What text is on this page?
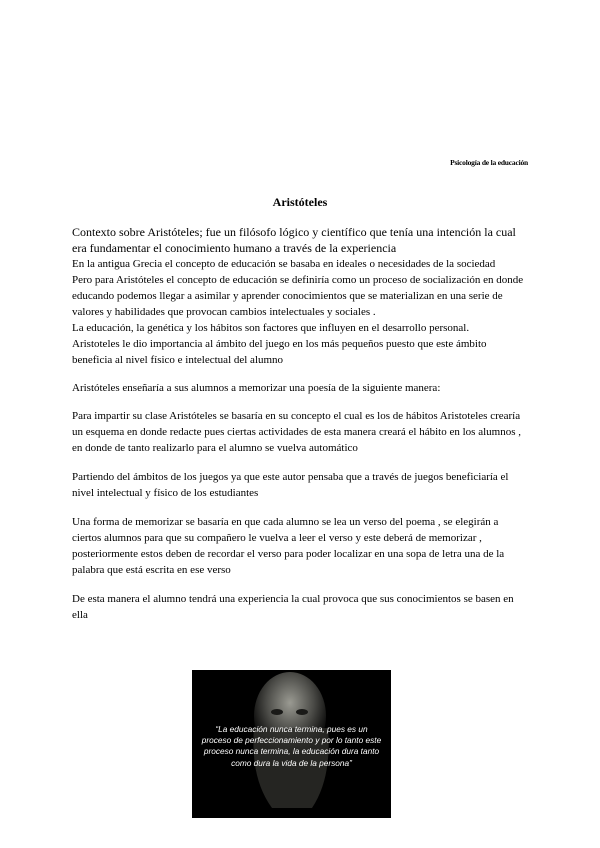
Psicología de la educación
Aristóteles

Contexto sobre Aristóteles; fue un filósofo lógico y científico que tenía una intención la cual

era fundamentar el conocimiento humano a través de la experiencia

En la antigua Grecia el concepto de educación se basaba en ideales o necesidades de la sociedad

Pero para Aristóteles el concepto de educación se definiría como un proceso de socialización en donde educando podemos llegar a asimilar y aprender conocimientos que se materializan en una serie de valores y habilidades que provocan cambios intelectuales y sociales .

La educación, la genética y los hábitos son factores que influyen en el desarrollo personal.

Aristoteles le dio importancia al ámbito del juego en los más pequeños puesto que este ámbito beneficia al nivel físico e intelectual del alumno

Aristóteles enseñaría a sus alumnos a memorizar una poesía de la siguiente manera:

Para impartir su clase Aristóteles se basaría en su concepto el cual es los de hábitos Aristoteles crearía un esquema en donde redacte pues ciertas actividades de esta manera creará el hábito en los alumnos , en donde de tanto realizarlo para el alumno se vuelva automático

Partiendo del ámbitos de los juegos ya que este autor pensaba que a través de juegos beneficiaría el nivel intelectual y físico de los estudiantes

Una forma de memorizar se basaría en que cada alumno se lea un verso del poema , se elegirán a ciertos alumnos para que su compañero le vuelva a leer el verso y este deberá de memorizar , posteriormente estos deben de recordar el verso para poder localizar en una sopa de letra una de la palabra que está escrita en ese verso

De esta manera el alumno tendrá una experiencia la cual provoca que sus conocimientos se basen en ella

“La educación nunca termina, pues es un proceso de perfeccionamiento y por lo tanto este proceso nunca termina, la educación dura tanto como dura la vida de la persona”
